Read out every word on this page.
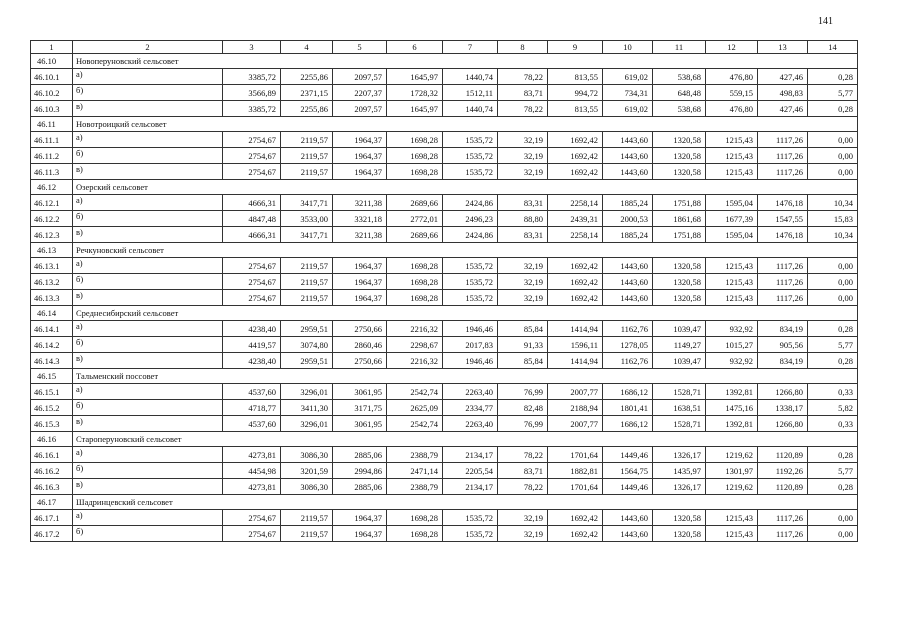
141
1	2	3	4	5	6	7	8	9	10	11	12	13	14
46.10	Новоперуновский сельсовет												
46.10.1	а)	3385,72	2255,86	2097,57	1645,97	1440,74	78,22	813,55	619,02	538,68	476,80	427,46	0,28
46.10.2	б)	3566,89	2371,15	2207,37	1728,32	1512,11	83,71	994,72	734,31	648,48	559,15	498,83	5,77
46.10.3	в)	3385,72	2255,86	2097,57	1645,97	1440,74	78,22	813,55	619,02	538,68	476,80	427,46	0,28
46.11	Новотроицкий сельсовет												
46.11.1	а)	2754,67	2119,57	1964,37	1698,28	1535,72	32,19	1692,42	1443,60	1320,58	1215,43	1117,26	0,00
46.11.2	б)	2754,67	2119,57	1964,37	1698,28	1535,72	32,19	1692,42	1443,60	1320,58	1215,43	1117,26	0,00
46.11.3	в)	2754,67	2119,57	1964,37	1698,28	1535,72	32,19	1692,42	1443,60	1320,58	1215,43	1117,26	0,00
46.12	Озерский сельсовет												
46.12.1	а)	4666,31	3417,71	3211,38	2689,66	2424,86	83,31	2258,14	1885,24	1751,88	1595,04	1476,18	10,34
46.12.2	б)	4847,48	3533,00	3321,18	2772,01	2496,23	88,80	2439,31	2000,53	1861,68	1677,39	1547,55	15,83
46.12.3	в)	4666,31	3417,71	3211,38	2689,66	2424,86	83,31	2258,14	1885,24	1751,88	1595,04	1476,18	10,34
46.13	Речкуновский сельсовет												
46.13.1	а)	2754,67	2119,57	1964,37	1698,28	1535,72	32,19	1692,42	1443,60	1320,58	1215,43	1117,26	0,00
46.13.2	б)	2754,67	2119,57	1964,37	1698,28	1535,72	32,19	1692,42	1443,60	1320,58	1215,43	1117,26	0,00
46.13.3	в)	2754,67	2119,57	1964,37	1698,28	1535,72	32,19	1692,42	1443,60	1320,58	1215,43	1117,26	0,00
46.14	Среднесибирский сельсовет												
46.14.1	а)	4238,40	2959,51	2750,66	2216,32	1946,46	85,84	1414,94	1162,76	1039,47	932,92	834,19	0,28
46.14.2	б)	4419,57	3074,80	2860,46	2298,67	2017,83	91,33	1596,11	1278,05	1149,27	1015,27	905,56	5,77
46.14.3	в)	4238,40	2959,51	2750,66	2216,32	1946,46	85,84	1414,94	1162,76	1039,47	932,92	834,19	0,28
46.15	Тальменский поссовет												
46.15.1	а)	4537,60	3296,01	3061,95	2542,74	2263,40	76,99	2007,77	1686,12	1528,71	1392,81	1266,80	0,33
46.15.2	б)	4718,77	3411,30	3171,75	2625,09	2334,77	82,48	2188,94	1801,41	1638,51	1475,16	1338,17	5,82
46.15.3	в)	4537,60	3296,01	3061,95	2542,74	2263,40	76,99	2007,77	1686,12	1528,71	1392,81	1266,80	0,33
46.16	Староперуновский сельсовет												
46.16.1	а)	4273,81	3086,30	2885,06	2388,79	2134,17	78,22	1701,64	1449,46	1326,17	1219,62	1120,89	0,28
46.16.2	б)	4454,98	3201,59	2994,86	2471,14	2205,54	83,71	1882,81	1564,75	1435,97	1301,97	1192,26	5,77
46.16.3	в)	4273,81	3086,30	2885,06	2388,79	2134,17	78,22	1701,64	1449,46	1326,17	1219,62	1120,89	0,28
46.17	Шадринцевский сельсовет												
46.17.1	а)	2754,67	2119,57	1964,37	1698,28	1535,72	32,19	1692,42	1443,60	1320,58	1215,43	1117,26	0,00
46.17.2	б)	2754,67	2119,57	1964,37	1698,28	1535,72	32,19	1692,42	1443,60	1320,58	1215,43	1117,26	0,00
